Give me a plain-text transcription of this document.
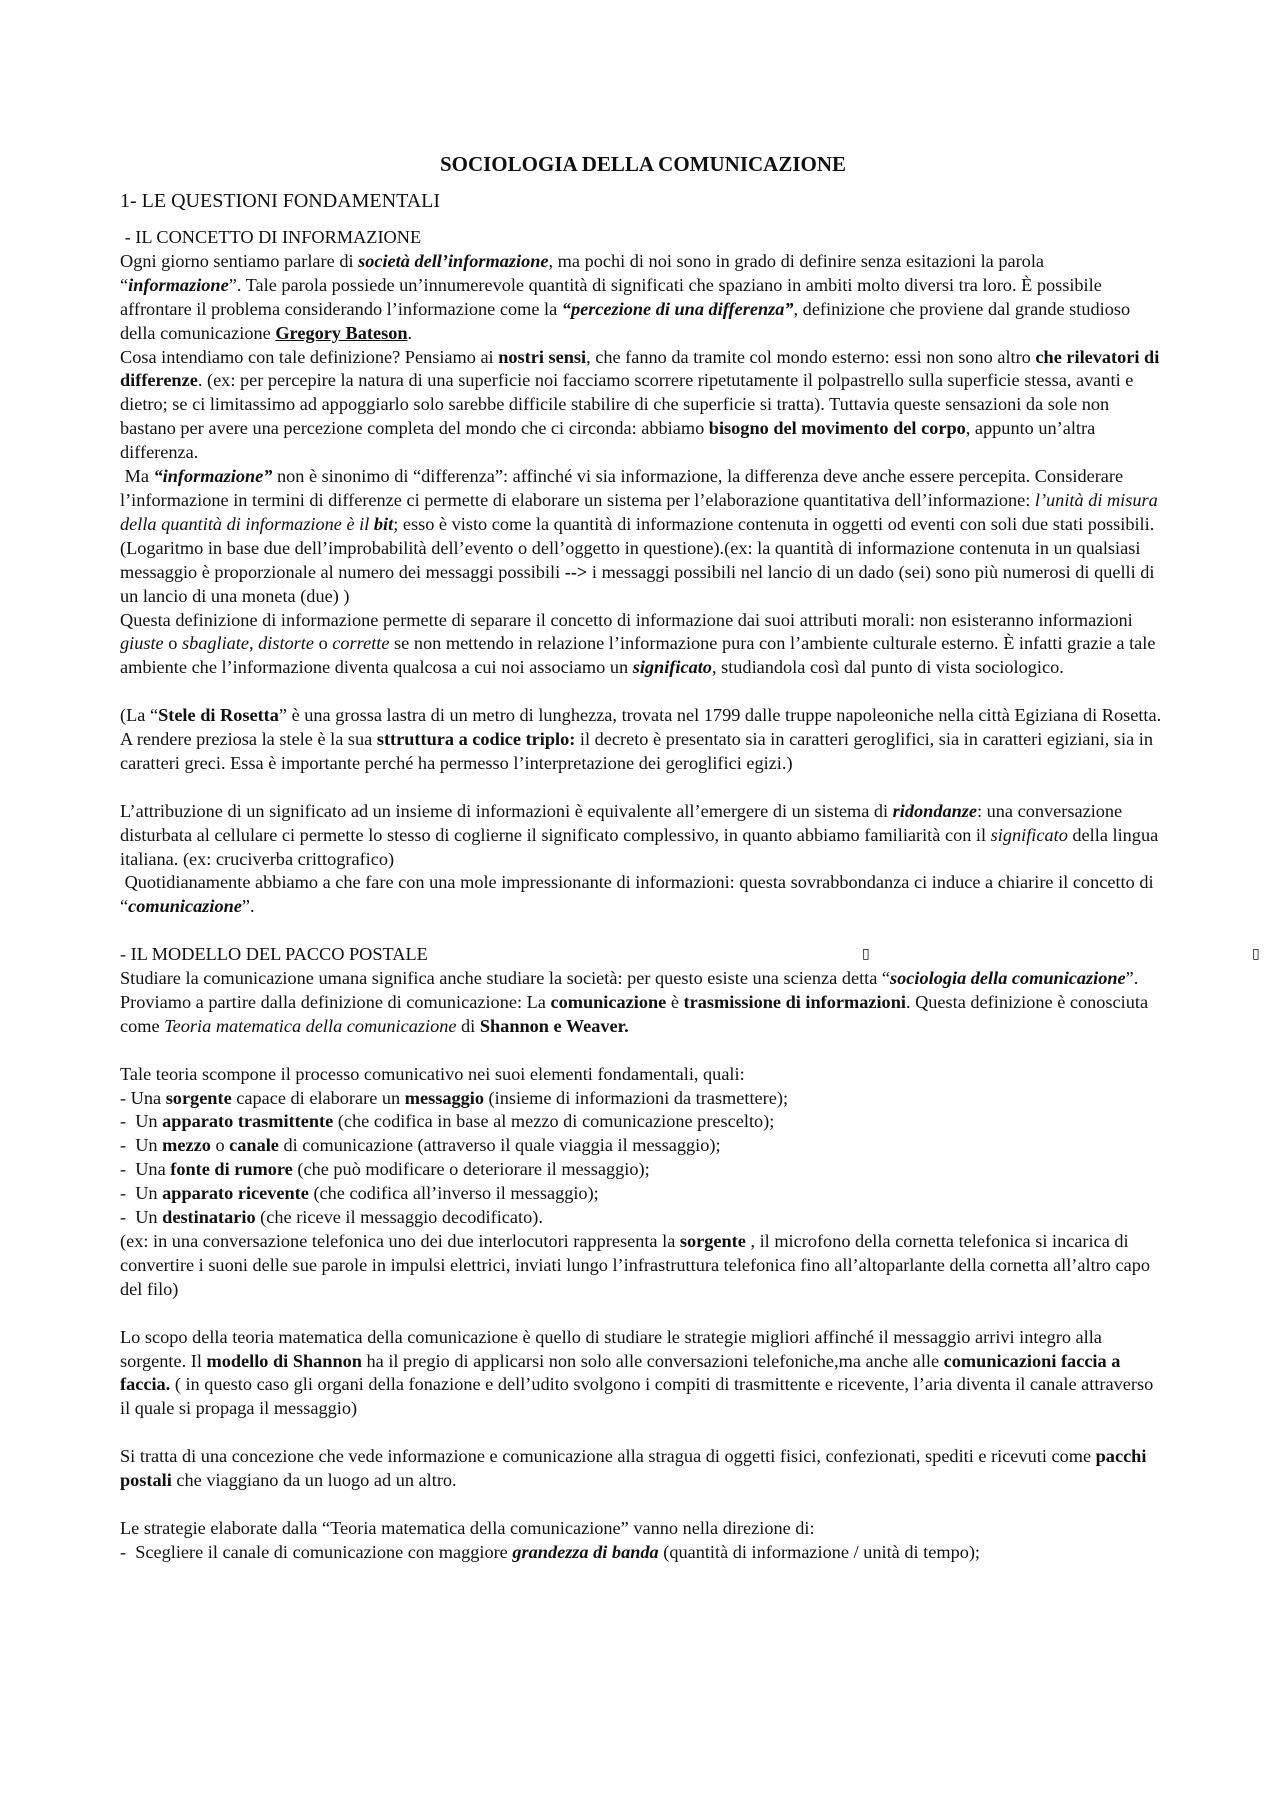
SOCIOLOGIA DELLA COMUNICAZIONE
1- LE QUESTIONI FONDAMENTALI

- IL CONCETTO DI INFORMAZIONE

Ogni giorno sentiamo parlare di società dell’informazione, ma pochi di noi sono in grado di definire senza esitazioni la parola “informazione”. Tale parola possiede un’innumerevole quantità di significati che spaziano in ambiti molto diversi tra loro. È possibile affrontare il problema considerando l’informazione come la “percezione di una differenza”, definizione che proviene dal grande studioso della comunicazione Gregory Bateson.

Cosa intendiamo con tale definizione? Pensiamo ai nostri sensi, che fanno da tramite col mondo esterno: essi non sono altro che rilevatori di differenze. (ex: per percepire la natura di una superficie noi facciamo scorrere ripetutamente il polpastrello sulla superficie stessa, avanti e dietro; se ci limitassimo ad appoggiarlo solo sarebbe difficile stabilire di che superficie si tratta). Tuttavia queste sensazioni da sole non bastano per avere una percezione completa del mondo che ci circonda: abbiamo bisogno del movimento del corpo, appunto un’altra differenza.

Ma “informazione” non è sinonimo di “differenza”: affinché vi sia informazione, la differenza deve anche essere percepita. Considerare l’informazione in termini di differenze ci permette di elaborare un sistema per l’elaborazione quantitativa dell’informazione: l’unità di misura della quantità di informazione è il bit; esso è visto come la quantità di informazione contenuta in oggetti od eventi con soli due stati possibili. (Logaritmo in base due dell’improbabilità dell’evento o dell’oggetto in questione).(ex: la quantità di informazione contenuta in un qualsiasi messaggio è proporzionale al numero dei messaggi possibili --> i messaggi possibili nel lancio di un dado (sei) sono più numerosi di quelli di un lancio di una moneta (due) )

Questa definizione di informazione permette di separare il concetto di informazione dai suoi attributi morali: non esisteranno informazioni giuste o sbagliate, distorte o corrette se non mettendo in relazione l’informazione pura con l’ambiente culturale esterno. È infatti grazie a tale ambiente che l’informazione diventa qualcosa a cui noi associamo un significato, studiandola così dal punto di vista sociologico.

(La “Stele di Rosetta” è una grossa lastra di un metro di lunghezza, trovata nel 1799 dalle truppe napoleoniche nella città Egiziana di Rosetta. A rendere preziosa la stele è la sua sttruttura a codice triplo: il decreto è presentato sia in caratteri geroglifici, sia in caratteri egiziani, sia in caratteri greci. Essa è importante perché ha permesso l’interpretazione dei geroglifici egizi.)

L’attribuzione di un significato ad un insieme di informazioni è equivalente all’emergere di un sistema di ridondanze: una conversazione disturbata al cellulare ci permette lo stesso di coglierne il significato complessivo, in quanto abbiamo familiarità con il significato della lingua italiana. (ex: cruciverba crittografico)

Quotidianamente abbiamo a che fare con una mole impressionante di informazioni: questa sovrabbondanza ci induce a chiarire il concetto di “comunicazione”.

- IL MODELLO DEL PACCO POSTALE	▯	▯

Studiare la comunicazione umana significa anche studiare la società: per questo esiste una scienza detta “sociologia della comunicazione”. Proviamo a partire dalla definizione di comunicazione: La comunicazione è trasmissione di informazioni. Questa definizione è conosciuta come Teoria matematica della comunicazione di Shannon e Weaver.

Tale teoria scompone il processo comunicativo nei suoi elementi fondamentali, quali:

- Una sorgente capace di elaborare un messaggio (insieme di informazioni da trasmettere);

-  Un apparato trasmittente (che codifica in base al mezzo di comunicazione prescelto);

-  Un mezzo o canale di comunicazione (attraverso il quale viaggia il messaggio);

-  Una fonte di rumore (che può modificare o deteriorare il messaggio);

-  Un apparato ricevente (che codifica all’inverso il messaggio);

-  Un destinatario (che riceve il messaggio decodificato).

(ex: in una conversazione telefonica uno dei due interlocutori rappresenta la sorgente , il microfono della cornetta telefonica si incarica di convertire i suoni delle sue parole in impulsi elettrici, inviati lungo l’infrastruttura telefonica fino all’altoparlante della cornetta all’altro capo del filo)

Lo scopo della teoria matematica della comunicazione è quello di studiare le strategie migliori affinché il messaggio arrivi integro alla sorgente. Il modello di Shannon ha il pregio di applicarsi non solo alle conversazioni telefoniche,ma anche alle comunicazioni faccia a faccia. ( in questo caso gli organi della fonazione e dell’udito svolgono i compiti di trasmittente e ricevente, l’aria diventa il canale attraverso il quale si propaga il messaggio)

Si tratta di una concezione che vede informazione e comunicazione alla stragua di oggetti fisici, confezionati, spediti e ricevuti come pacchi postali che viaggiano da un luogo ad un altro.

Le strategie elaborate dalla “Teoria matematica della comunicazione” vanno nella direzione di:

-  Scegliere il canale di comunicazione con maggiore grandezza di banda (quantità di informazione / unità di tempo);
